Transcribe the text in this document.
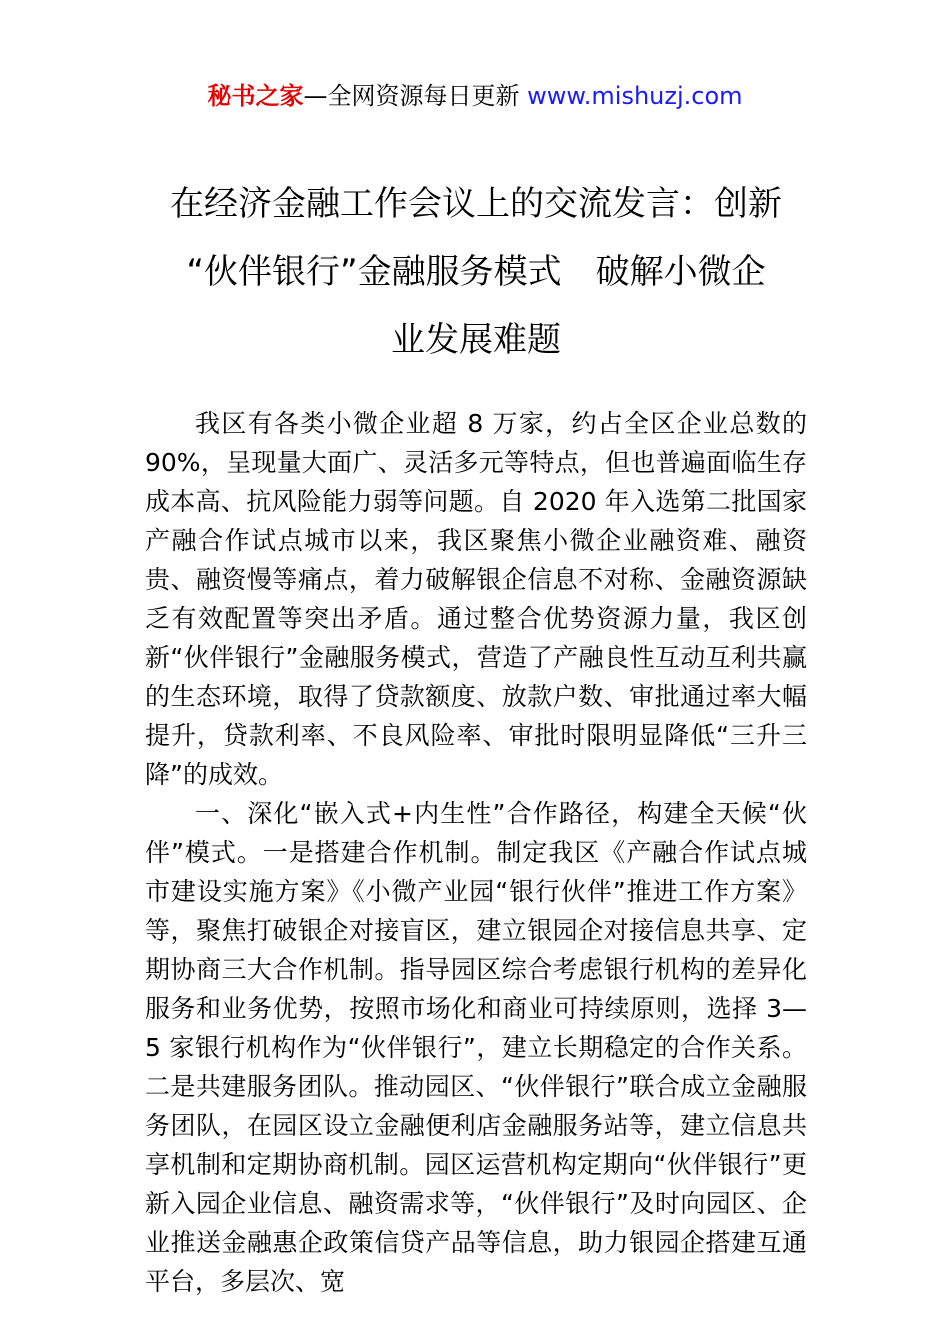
秘书之家—全网资源每日更新 www.mishuzj.com
在经济金融工作会议上的交流发言：创新
“伙伴银行”金融服务模式　破解小微企
业发展难题

我区有各类小微企业超 8 万家，约占全区企业总数的 90%，呈现量大面广、灵活多元等特点，但也普遍面临生存成本高、抗风险能力弱等问题。自 2020 年入选第二批国家产融合作试点城市以来，我区聚焦小微企业融资难、融资贵、融资慢等痛点，着力破解银企信息不对称、金融资源缺乏有效配置等突出矛盾。通过整合优势资源力量，我区创新“伙伴银行”金融服务模式，营造了产融良性互动互利共赢的生态环境，取得了贷款额度、放款户数、审批通过率大幅提升，贷款利率、不良风险率、审批时限明显降低“三升三降”的成效。

一、深化“嵌入式+内生性”合作路径，构建全天候“伙伴”模式。一是搭建合作机制。制定我区《产融合作试点城市建设实施方案》《小微产业园“银行伙伴”推进工作方案》等，聚焦打破银企对接盲区，建立银园企对接信息共享、定期协商三大合作机制。指导园区综合考虑银行机构的差异化服务和业务优势，按照市场化和商业可持续原则，选择 3—5 家银行机构作为“伙伴银行”，建立长期稳定的合作关系。二是共建服务团队。推动园区、“伙伴银行”联合成立金融服务团队，在园区设立金融便利店金融服务站等，建立信息共享机制和定期协商机制。园区运营机构定期向“伙伴银行”更新入园企业信息、融资需求等，“伙伴银行”及时向园区、企业推送金融惠企政策信贷产品等信息，助力银园企搭建互通平台，多层次、宽
